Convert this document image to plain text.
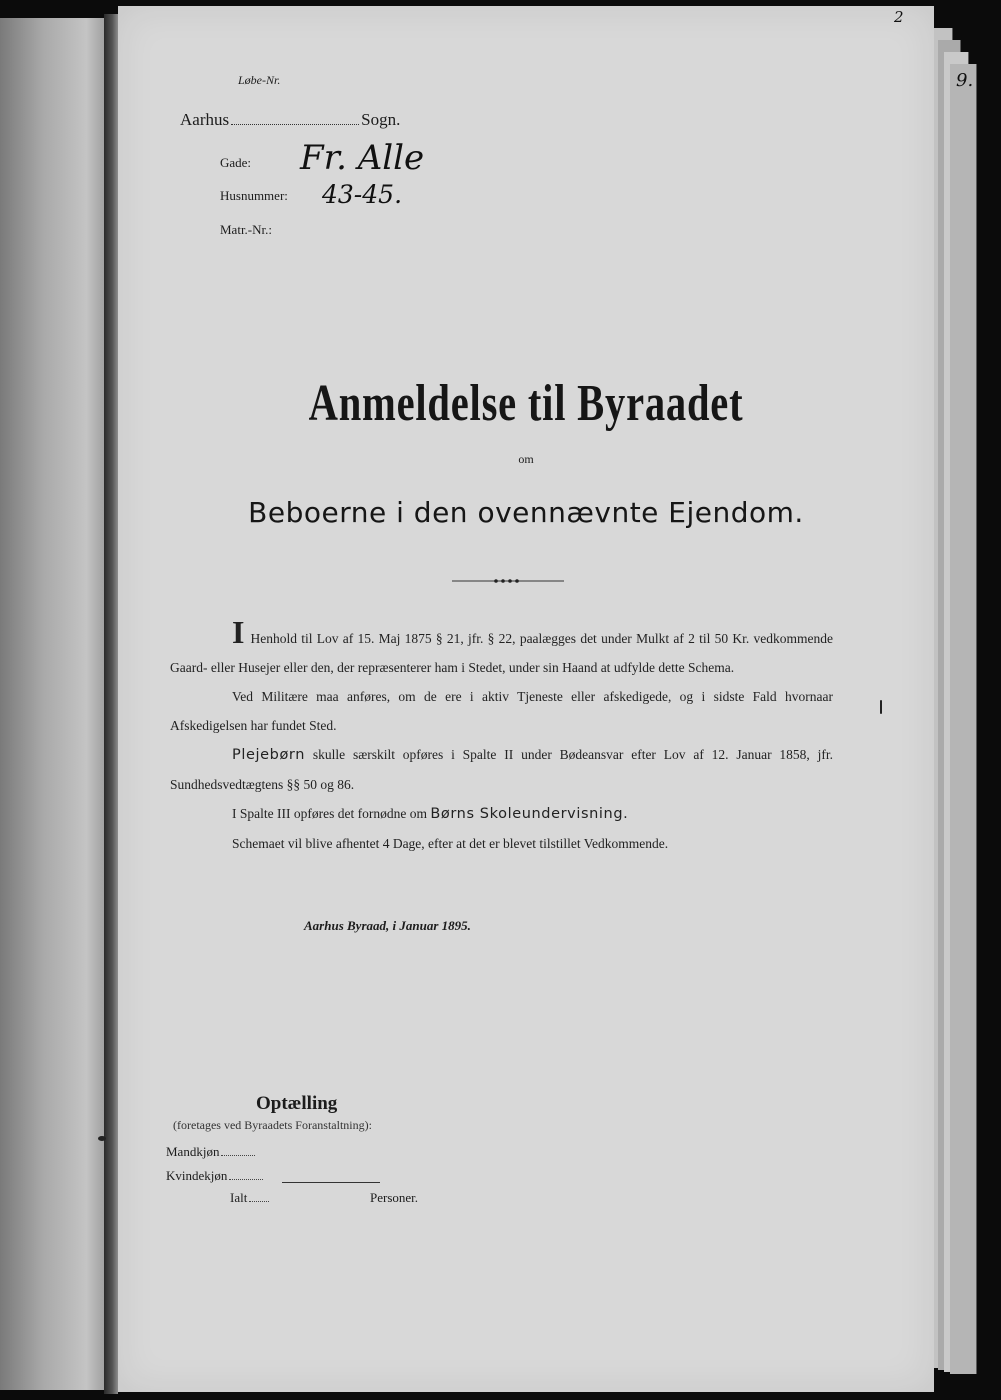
2
9.
Løbe-Nr.
Aarhus	Sogn.
Gade: Fr. Alle
Husnummer: 43-45.
Matr.-Nr.:
Anmeldelse til Byraadet
om
Beboerne i den ovennævnte Ejendom.

I Henhold til Lov af 15. Maj 1875 § 21, jfr. § 22, paalægges det under Mulkt af 2 til 50 Kr. vedkommende Gaard- eller Husejer eller den, der repræsenterer ham i Stedet, under sin Haand at udfylde dette Schema.

Ved Militære maa anføres, om de ere i aktiv Tjeneste eller afskedigede, og i sidste Fald hvornaar Afskedigelsen har fundet Sted.

Plejebørn skulle særskilt opføres i Spalte II under Bødeansvar efter Lov af 12. Januar 1858, jfr. Sundhedsvedtægtens §§ 50 og 86.

I Spalte III opføres det fornødne om Børns Skoleundervisning.

Schemaet vil blive afhentet 4 Dage, efter at det er blevet tilstillet Vedkommende.

Aarhus Byraad, i Januar 1895.
Optælling
(foretages ved Byraadets Foranstaltning):
Mandkjøn
Kvindekjøn
Ialt	Personer.
